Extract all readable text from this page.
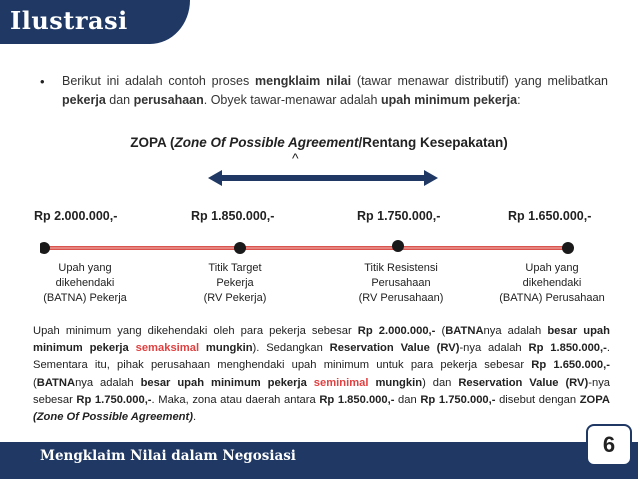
Ilustrasi
• Berikut ini adalah contoh proses mengklaim nilai (tawar menawar distributif) yang melibatkan pekerja dan perusahaan. Obyek tawar-menawar adalah upah minimum pekerja:
ZOPA (Zone Of Possible Agreement/Rentang Kesepakatan)
^
Rp 2.000.000,-	Rp 1.850.000,-	Rp 1.750.000,-	Rp 1.650.000,-
Upah yang
dikehendaki
(BATNA) Pekerja
Titik Target
Pekerja
(RV Pekerja)
Titik Resistensi
Perusahaan
(RV Perusahaan)
Upah yang
dikehendaki
(BATNA) Perusahaan
Upah minimum yang dikehendaki oleh para pekerja sebesar Rp 2.000.000,- (BATNAnya adalah besar upah minimum pekerja semaksimal mungkin). Sedangkan Reservation Value (RV)-nya adalah Rp 1.850.000,-. Sementara itu, pihak perusahaan menghendaki upah minimum untuk para pekerja sebesar Rp 1.650.000,- (BATNAnya adalah besar upah minimum pekerja seminimal mungkin) dan Reservation Value (RV)-nya sebesar Rp 1.750.000,-. Maka, zona atau daerah antara Rp 1.850.000,- dan Rp 1.750.000,- disebut dengan ZOPA (Zone Of Possible Agreement).
Mengklaim Nilai dalam Negosiasi	6
